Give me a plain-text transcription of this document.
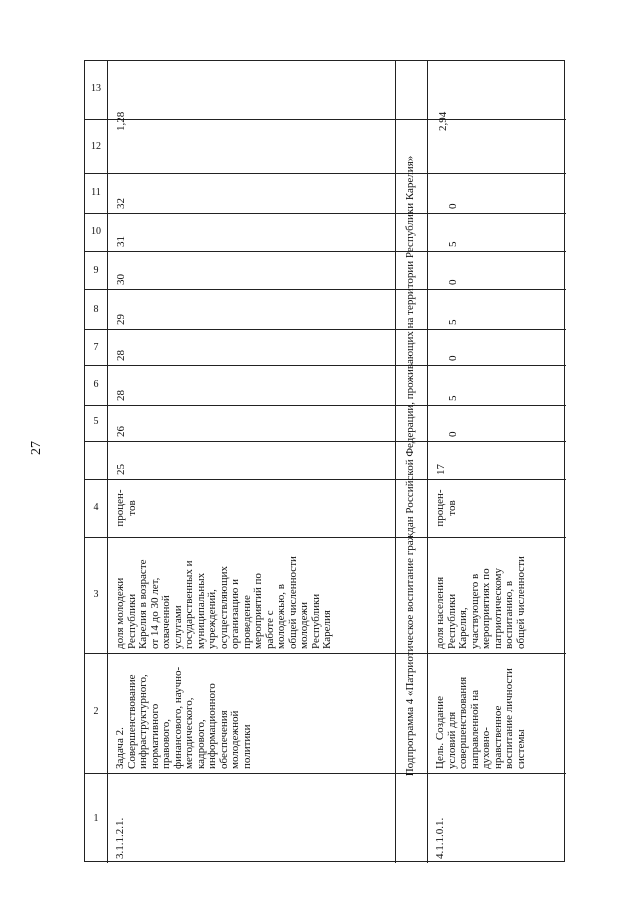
27
13
12
11
10
9
8
7
6
5
4
3
2
1	3.1.1.2.1.
Задача 2. Совершенствование инфраструктурного, нормативного правового, финансового, научно- методического, кадрового, информационного обеспечения молодежной политики
доля молодежи Республики Карелия в возрасте от 14 до 30 лет, охваченной услугами государственных и муниципальных учреждений, осуществляющих организацию и проведение мероприятий по работе с молодежью, в общей численности молодежи Республики Карелия
процен- тов
25
26
28
28
29
30
31
32
1,28
Подпрограмма 4 «Патриотическое воспитание граждан Российской Федерации, проживающих на территории Республики Карелия»
4.1.1.0.1.
Цель. Создание условий для совершенствования направленной на духовно- нравственное воспитание личности системы
доля населения Республики Карелия, участвующего в мероприятиях по патриотическому воспитанию, в общей численности
процен- тов
17
0
5
0
5
0
5
0
2,94
